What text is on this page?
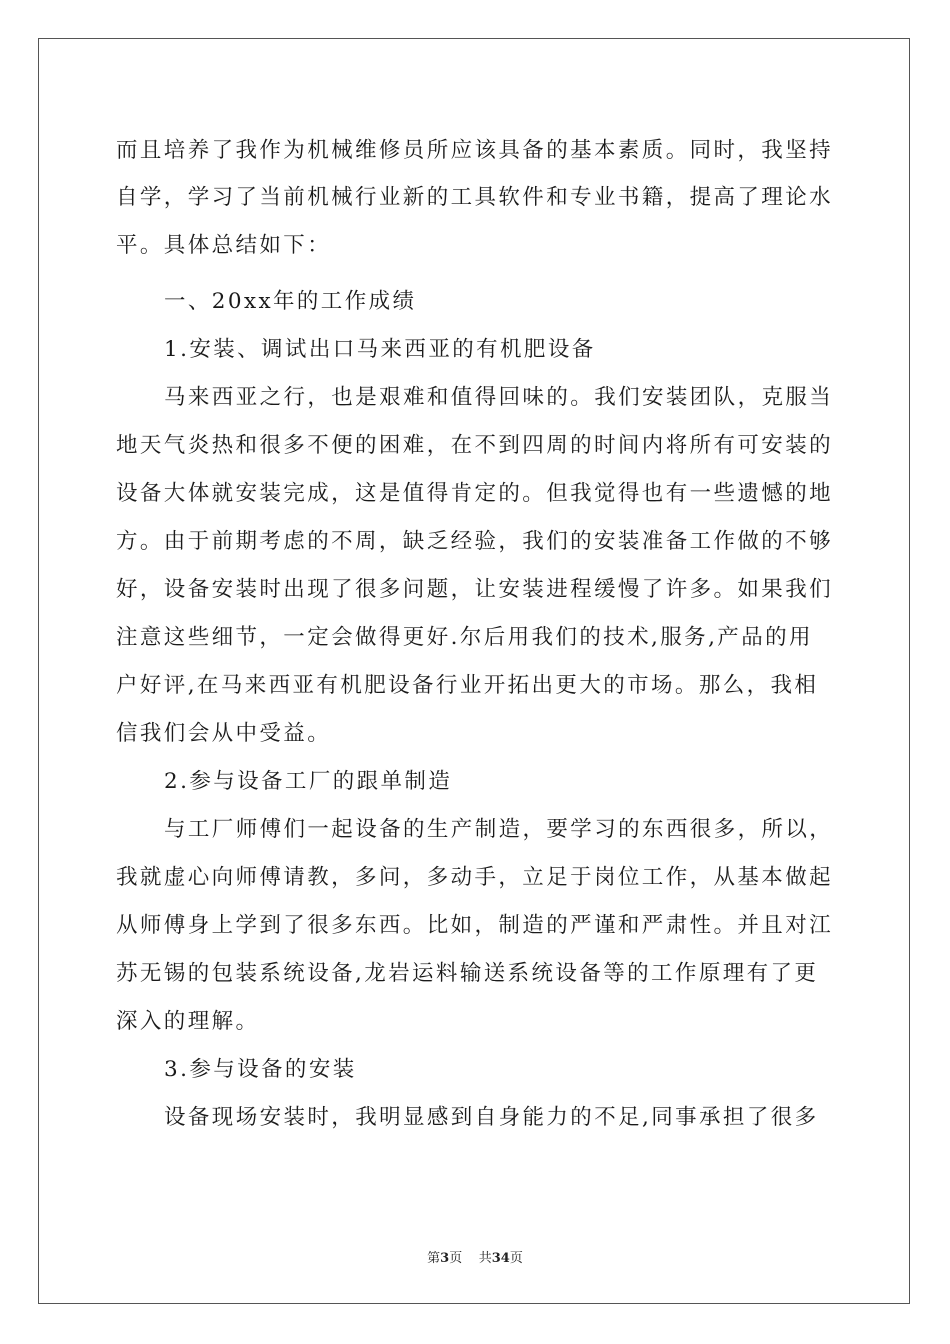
而且培养了我作为机械维修员所应该具备的基本素质。同时，我坚持

自学，学习了当前机械行业新的工具软件和专业书籍，提高了理论水

平。具体总结如下：

一、20xx年的工作成绩

1.安装、调试出口马来西亚的有机肥设备

马来西亚之行，也是艰难和值得回味的。我们安装团队，克服当

地天气炎热和很多不便的困难，在不到四周的时间内将所有可安装的

设备大体就安装完成，这是值得肯定的。但我觉得也有一些遗憾的地

方。由于前期考虑的不周，缺乏经验，我们的安装准备工作做的不够

好，设备安装时出现了很多问题，让安装进程缓慢了许多。如果我们

注意这些细节，一定会做得更好.尔后用我们的技术,服务,产品的用

户好评,在马来西亚有机肥设备行业开拓出更大的市场。那么，我相

信我们会从中受益。

2.参与设备工厂的跟单制造

与工厂师傅们一起设备的生产制造，要学习的东西很多，所以，

我就虚心向师傅请教，多问，多动手，立足于岗位工作，从基本做起

从师傅身上学到了很多东西。比如，制造的严谨和严肃性。并且对江

苏无锡的包装系统设备,龙岩运料输送系统设备等的工作原理有了更

深入的理解。

3.参与设备的安装

设备现场安装时，我明显感到自身能力的不足,同事承担了很多

第3页 共34页
